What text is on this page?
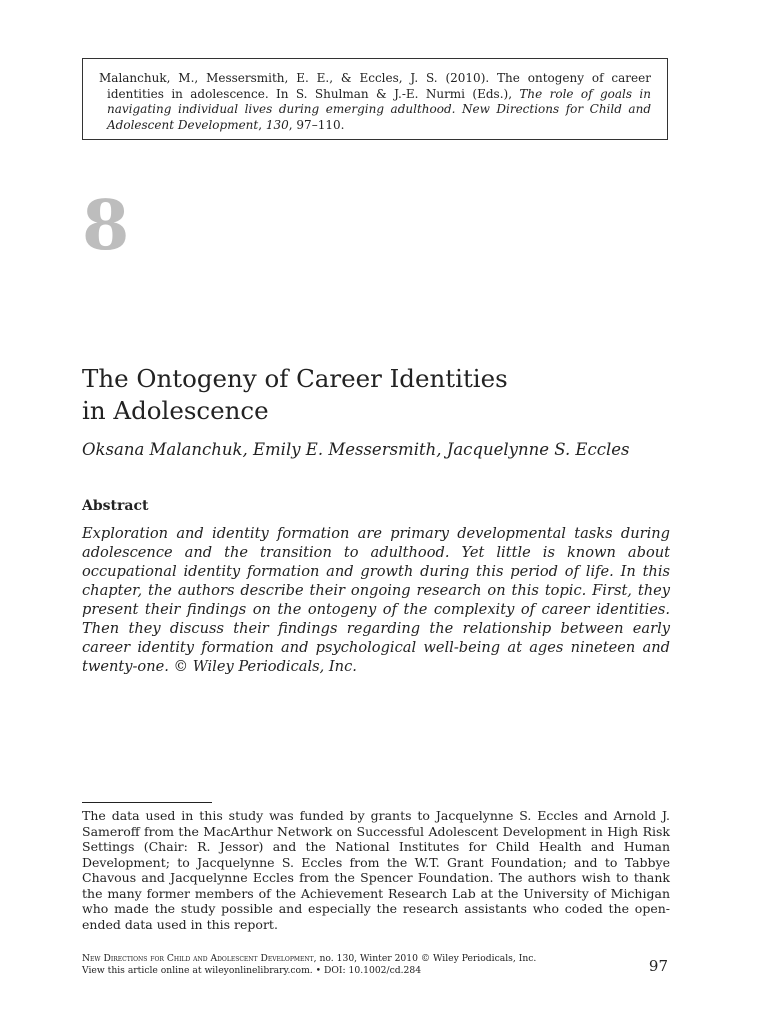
Malanchuk, M., Messersmith, E. E., & Eccles, J. S. (2010). The ontogeny of career identities in adolescence. In S. Shulman & J.-E. Nurmi (Eds.), The role of goals in navigating individual lives during emerging adulthood. New Directions for Child and Adolescent Development, 130, 97–110.

8
The Ontogeny of Career Identities
in Adolescence

Oksana Malanchuk, Emily E. Messersmith, Jacquelynne S. Eccles

Abstract

Exploration and identity formation are primary developmental tasks during adolescence and the transition to adulthood. Yet little is known about occupational identity formation and growth during this period of life. In this chapter, the authors describe their ongoing research on this topic. First, they present their findings on the ontogeny of the complexity of career identities. Then they discuss their findings regarding the relationship between early career identity formation and psychological well-being at ages nineteen and twenty-one. © Wiley Periodicals, Inc.

The data used in this study was funded by grants to Jacquelynne S. Eccles and Arnold J. Sameroff from the MacArthur Network on Successful Adolescent Development in High Risk Settings (Chair: R. Jessor) and the National Institutes for Child Health and Human Development; to Jacquelynne S. Eccles from the W.T. Grant Foundation; and to Tabbye Chavous and Jacquelynne Eccles from the Spencer Foundation. The authors wish to thank the many former members of the Achievement Research Lab at the University of Michigan who made the study possible and especially the research assistants who coded the open-ended data used in this report.

New Directions for Child and Adolescent Development, no. 130, Winter 2010 © Wiley Periodicals, Inc.

View this article online at wileyonlinelibrary.com. • DOI: 10.1002/cd.284	97
